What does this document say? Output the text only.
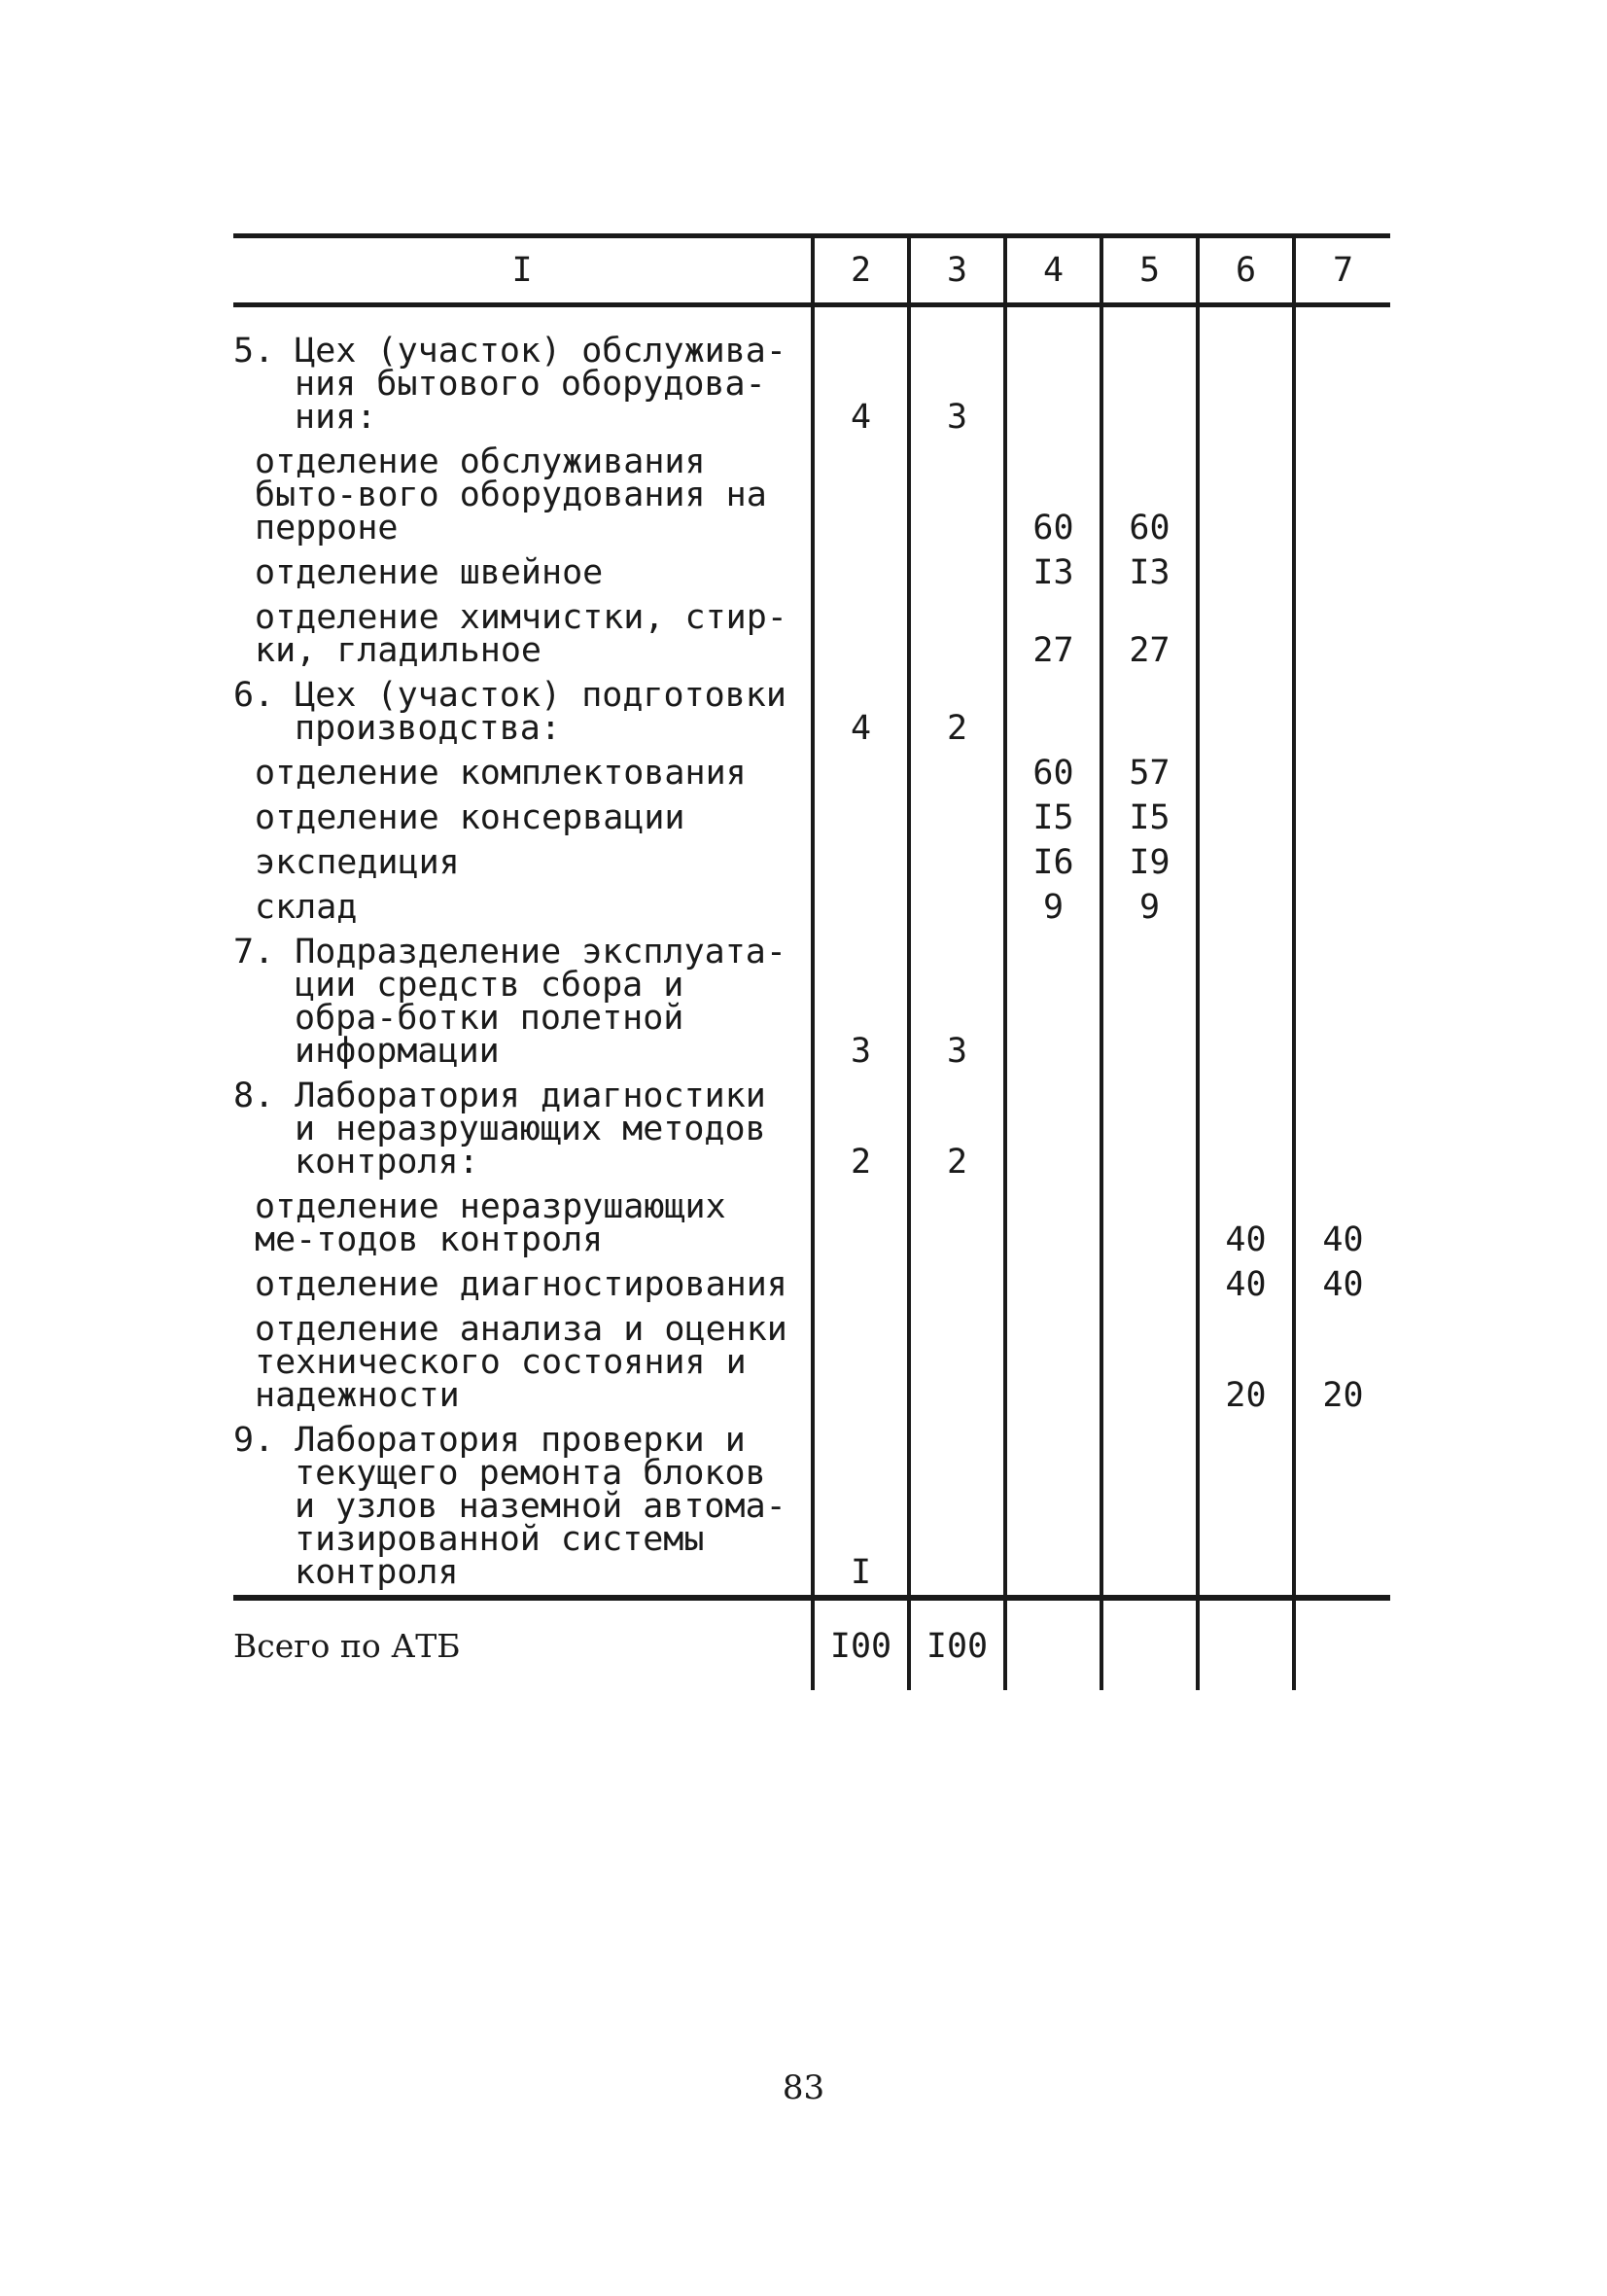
I	2	3	4	5	6	7
5. Цех (участок) обслужива-ния бытового оборудова-ния:	4	3				
отделение обслуживания быто-вого оборудования на перроне			60	60		
отделение швейное			I3	I3		
отделение химчистки, стир-ки, гладильное			27	27		
6. Цех (участок) подготовки производства:	4	2				
отделение комплектования			60	57		
отделение консервации			I5	I5		
экспедиция			I6	I9		
склад			9	9		
7. Подразделение эксплуата-ции средств сбора и обра-ботки полетной информации	3	3				
8. Лаборатория диагностики и неразрушающих методов контроля:	2	2				
отделение неразрушающих ме-тодов контроля					40	40
отделение диагностирования					40	40
отделение анализа и оценки технического состояния и надежности					20	20
9. Лаборатория проверки и текущего ремонта блоков и узлов наземной автома-тизированной системы контроля	I					
Всего по АТБ	I00	I00				
83
